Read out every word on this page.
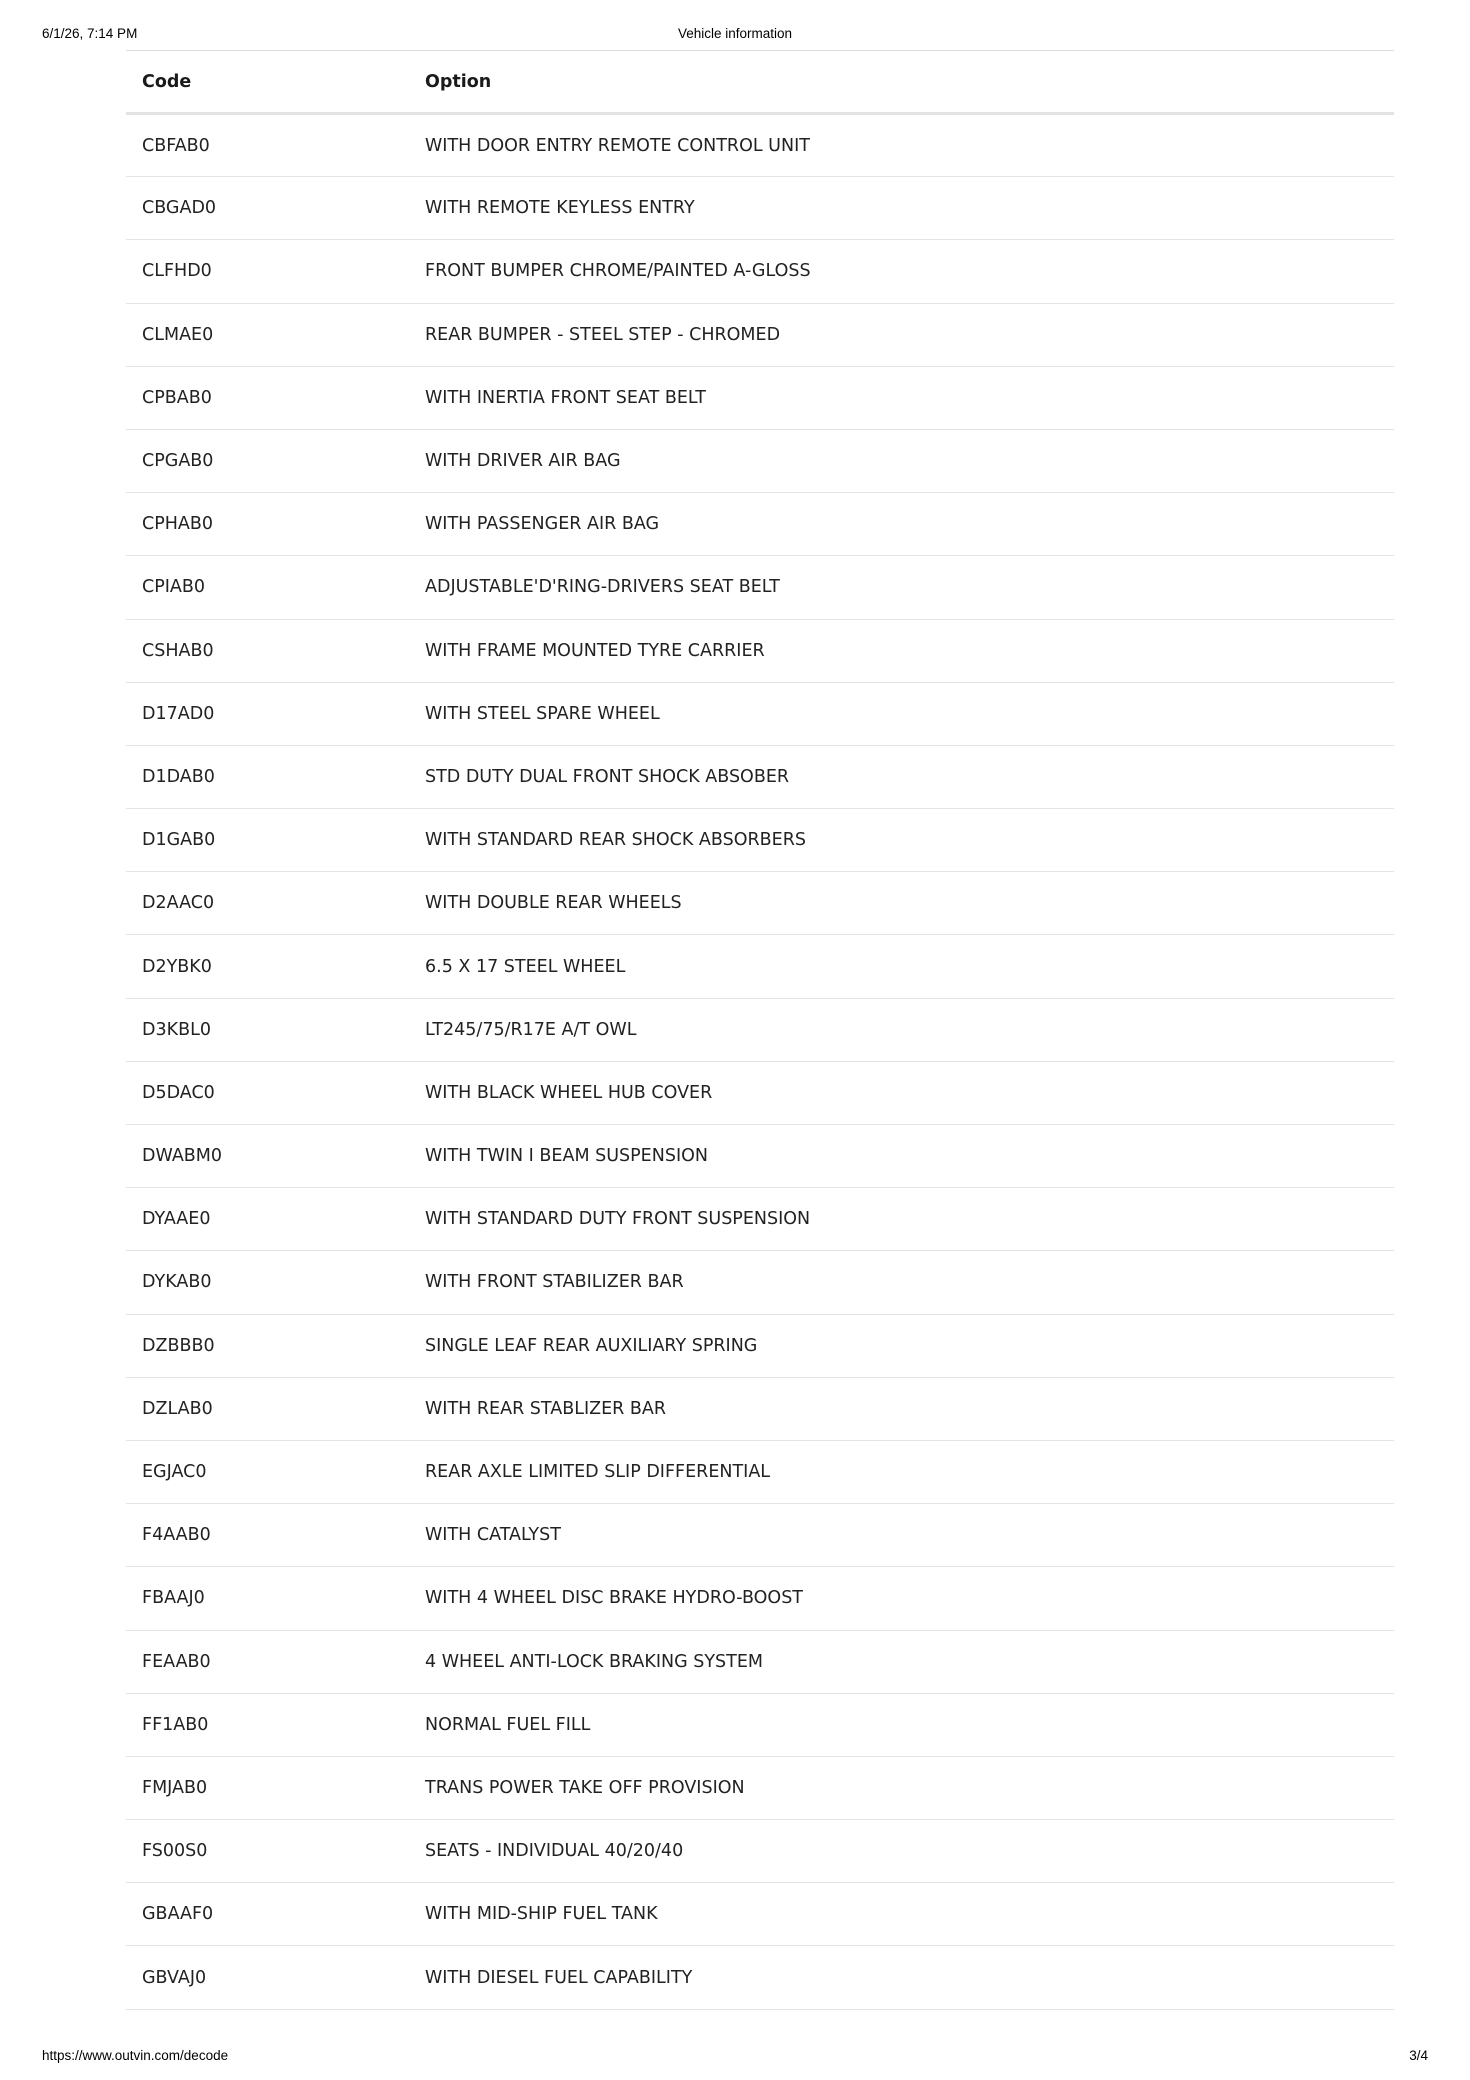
6/1/26, 7:14 PM	Vehicle information
Code	Option
CBFAB0	WITH DOOR ENTRY REMOTE CONTROL UNIT
CBGAD0	WITH REMOTE KEYLESS ENTRY
CLFHD0	FRONT BUMPER CHROME/PAINTED A-GLOSS
CLMAE0	REAR BUMPER - STEEL STEP - CHROMED
CPBAB0	WITH INERTIA FRONT SEAT BELT
CPGAB0	WITH DRIVER AIR BAG
CPHAB0	WITH PASSENGER AIR BAG
CPIAB0	ADJUSTABLE'D'RING-DRIVERS SEAT BELT
CSHAB0	WITH FRAME MOUNTED TYRE CARRIER
D17AD0	WITH STEEL SPARE WHEEL
D1DAB0	STD DUTY DUAL FRONT SHOCK ABSOBER
D1GAB0	WITH STANDARD REAR SHOCK ABSORBERS
D2AAC0	WITH DOUBLE REAR WHEELS
D2YBK0	6.5 X 17 STEEL WHEEL
D3KBL0	LT245/75/R17E A/T OWL
D5DAC0	WITH BLACK WHEEL HUB COVER
DWABM0	WITH TWIN I BEAM SUSPENSION
DYAAE0	WITH STANDARD DUTY FRONT SUSPENSION
DYKAB0	WITH FRONT STABILIZER BAR
DZBBB0	SINGLE LEAF REAR AUXILIARY SPRING
DZLAB0	WITH REAR STABLIZER BAR
EGJAC0	REAR AXLE LIMITED SLIP DIFFERENTIAL
F4AAB0	WITH CATALYST
FBAAJ0	WITH 4 WHEEL DISC BRAKE HYDRO-BOOST
FEAAB0	4 WHEEL ANTI-LOCK BRAKING SYSTEM
FF1AB0	NORMAL FUEL FILL
FMJAB0	TRANS POWER TAKE OFF PROVISION
FS00S0	SEATS - INDIVIDUAL 40/20/40
GBAAF0	WITH MID-SHIP FUEL TANK
GBVAJ0	WITH DIESEL FUEL CAPABILITY
https://www.outvin.com/decode	3/4
